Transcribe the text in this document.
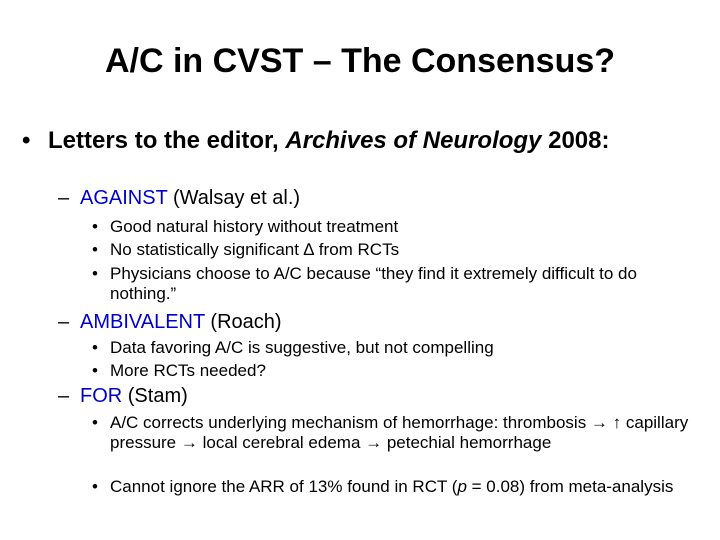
A/C in CVST – The Consensus?
• Letters to the editor, Archives of Neurology 2008:
– AGAINST (Walsay et al.)
• Good natural history without treatment
• No statistically significant ∆ from RCTs
• Physicians choose to A/C because “they find it extremely difficult to do nothing.”
– AMBIVALENT (Roach)
• Data favoring A/C is suggestive, but not compelling
• More RCTs needed?
– FOR (Stam)
• A/C corrects underlying mechanism of hemorrhage: thrombosis → ↑ capillary pressure → local cerebral edema → petechial hemorrhage
• Cannot ignore the ARR of 13% found in RCT (p = 0.08) from meta-analysis
